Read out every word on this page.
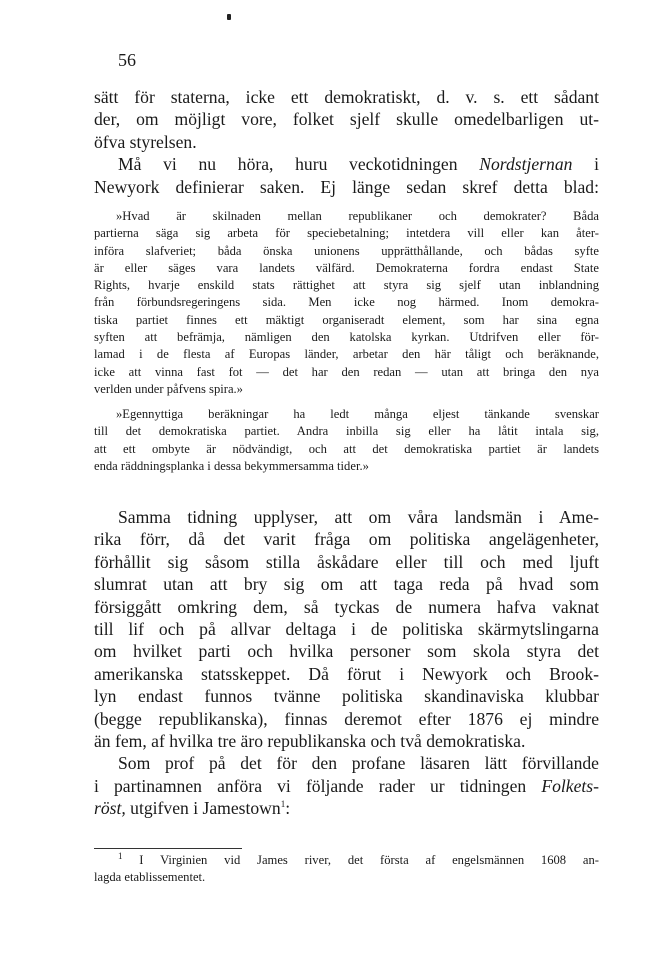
56
sätt för staterna, icke ett demokratiskt, d. v. s. ett sådant
der, om möjligt vore, folket sjelf skulle omedelbarligen ut-
öfva styrelsen.
Må vi nu höra, huru veckotidningen Nordstjernan i
Newyork definierar saken. Ej länge sedan skref detta blad:
»Hvad är skilnaden mellan republikaner och demokrater? Båda
partierna säga sig arbeta för speciebetalning; intetdera vill eller kan åter-
införa slafveriet; båda önska unionens upprätthållande, och bådas syfte
är eller säges vara landets välfärd. Demokraterna fordra endast State
Rights, hvarje enskild stats rättighet att styra sig sjelf utan inblandning
från förbundsregeringens sida. Men icke nog härmed. Inom demokra-
tiska partiet finnes ett mäktigt organiseradt element, som har sina egna
syften att befrämja, nämligen den katolska kyrkan. Utdrifven eller för-
lamad i de flesta af Europas länder, arbetar den här tåligt och beräknande,
icke att vinna fast fot — det har den redan — utan att bringa den nya
verlden under påfvens spira.»
»Egennyttiga beräkningar ha ledt många eljest tänkande svenskar
till det demokratiska partiet. Andra inbilla sig eller ha låtit intala sig,
att ett ombyte är nödvändigt, och att det demokratiska partiet är landets
enda räddningsplanka i dessa bekymmersamma tider.»
Samma tidning upplyser, att om våra landsmän i Ame-
rika förr, då det varit fråga om politiska angelägenheter,
förhållit sig såsom stilla åskådare eller till och med ljuft
slumrat utan att bry sig om att taga reda på hvad som
försiggått omkring dem, så tyckas de numera hafva vaknat
till lif och på allvar deltaga i de politiska skärmytslingarna
om hvilket parti och hvilka personer som skola styra det
amerikanska statsskeppet. Då förut i Newyork och Brook-
lyn endast funnos tvänne politiska skandinaviska klubbar
(begge republikanska), finnas deremot efter 1876 ej mindre
än fem, af hvilka tre äro republikanska och två demokratiska.
Som prof på det för den profane läsaren lätt förvillande
i partinamnen anföra vi följande rader ur tidningen Folkets-
röst, utgifven i Jamestown$^1$:
$^1$ I Virginien vid James river, det första af engelsmännen 1608 an-
lagda etablissementet.
